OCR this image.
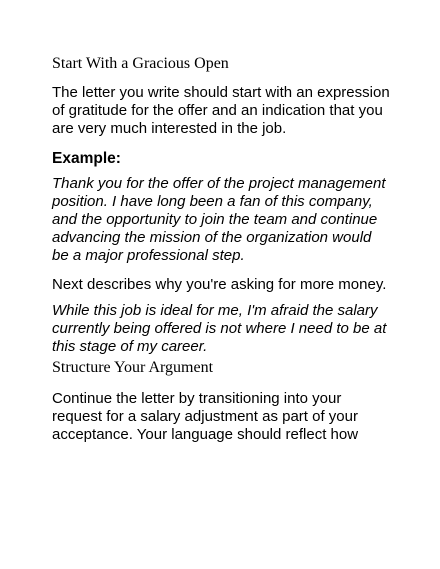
Start With a Gracious Open

The letter you write should start with an expression of gratitude for the offer and an indication that you are very much interested in the job.

Example:

Thank you for the offer of the project management position. I have long been a fan of this company, and the opportunity to join the team and continue advancing the mission of the organization would be a major professional step.

Next describes why you're asking for more money.

While this job is ideal for me, I'm afraid the salary currently being offered is not where I need to be at this stage of my career.

Structure Your Argument

Continue the letter by transitioning into your request for a salary adjustment as part of your acceptance. Your language should reflect how
